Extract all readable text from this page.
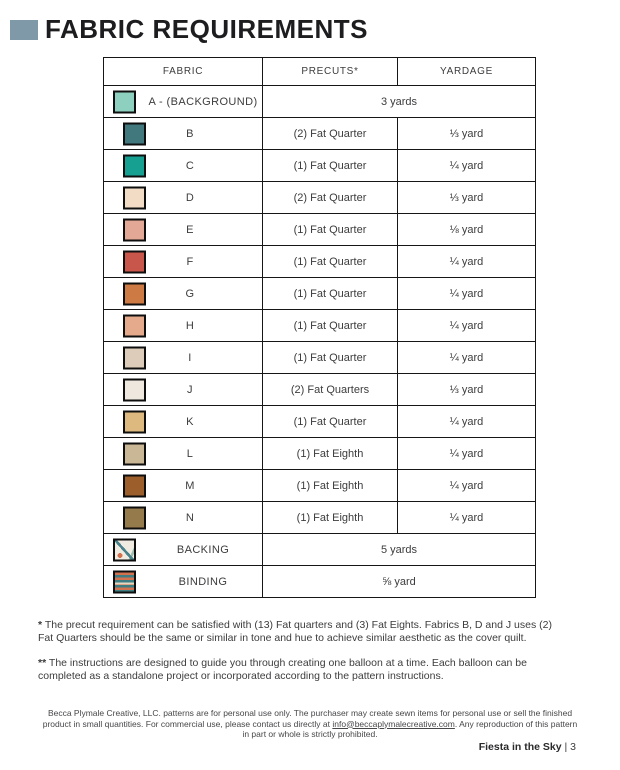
FABRIC REQUIREMENTS
FABRIC	PRECUTS*	YARDAGE

A - (BACKGROUND)	3 yards	

B	(2) Fat Quarter	⅓ yard

C	(1) Fat Quarter	¼ yard

D	(2) Fat Quarter	⅓ yard

E	(1) Fat Quarter	⅛ yard

F	(1) Fat Quarter	¼ yard

G	(1) Fat Quarter	¼ yard

H	(1) Fat Quarter	¼ yard

I	(1) Fat Quarter	¼ yard

J	(2) Fat Quarters	⅓ yard

K	(1) Fat Quarter	¼ yard

L	(1) Fat Eighth	¼ yard

M	(1) Fat Eighth	¼ yard

N	(1) Fat Eighth	¼ yard

BACKING	5 yards	

BINDING	⅝ yard	

* The precut requirement can be satisfied with (13) Fat quarters and (3) Fat Eights. Fabrics B, D and J uses (2) Fat Quarters should be the same or similar in tone and hue to achieve similar aesthetic as the cover quilt.

** The instructions are designed to guide you through creating one balloon at a time. Each balloon can be completed as a standalone project or incorporated according to the pattern instructions.

Becca Plymale Creative, LLC. patterns are for personal use only. The purchaser may create sewn items for personal use or sell the finished product in small quantities. For commercial use, please contact us directly at info@beccaplymalecreative.com. Any reproduction of this pattern in part or whole is strictly prohibited.
Fiesta in the Sky | 3
